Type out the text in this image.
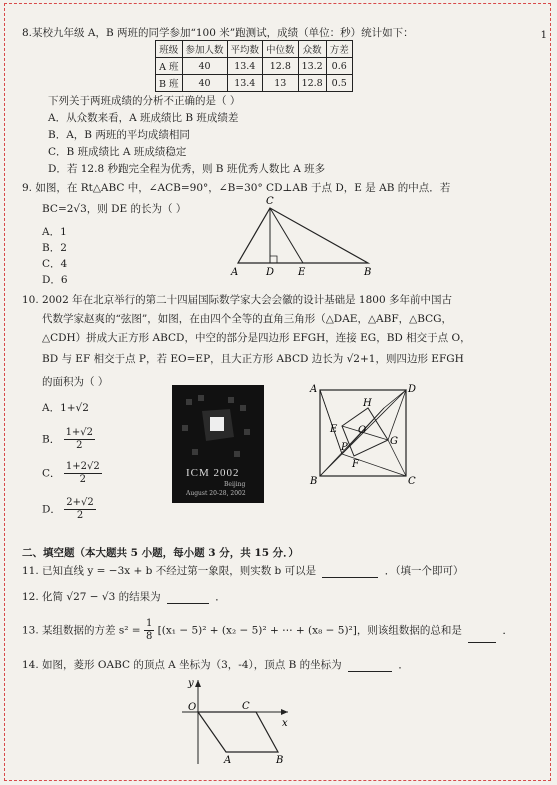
1
8.某校九年级 A，B 两班的同学参加“100 米”跑测试，成绩（单位：秒）统计如下：
班级	参加人数	平均数	中位数	众数	方差
A 班	40	13.4	12.8	13.2	0.6
B 班	40	13.4	13	12.8	0.5
下列关于两班成绩的分析不正确的是（ ）
A．从众数来看，A 班成绩比 B 班成绩差
B．A，B 两班的平均成绩相同
C．B 班成绩比 A 班成绩稳定
D．若 12.8 秒跑完全程为优秀，则 B 班优秀人数比 A 班多
9. 如图，在 Rt△ABC 中，∠ACB=90°，∠B=30° CD⊥AB 于点 D，E 是 AB 的中点．若
BC=2√3，则 DE 的长为（ ）
A．1
B．2
C．4
D．6
C
A	D E	B
10. 2002 年在北京举行的第二十四届国际数学家大会会徽的设计基础是 1800 多年前中国古
代数学家赵爽的“弦图”，如图，在由四个全等的直角三角形（△DAE，△ABF，△BCG，
△CDH）拼成大正方形 ABCD，中空的部分是四边形 EFGH，连接 EG，BD 相交于点 O，
BD 与 EF 相交于点 P，若 EO=EP，且大正方形 ABCD 边长为 √2+1，则四边形 EFGH
的面积为（ ）
A．1+√2
B． $\frac{1+√2}{2}$
C． $\frac{1+2√2}{2}$
D． $\frac{2+√2}{2}$
ICM 2002
Beijing
August 20-28, 2002
A	D
B	C
H
E O
G
P
F
二、填空题（本大题共 5 小题，每小题 3 分，共 15 分．）
11. 已知直线 y = −3x + b 不经过第一象限，则实数 b 可以是	．（填一个即可）
12. 化简 √27 − √3 的结果为	．
13. 某组数据的方差 $s^2 = \frac{1}{8} [(x_1 - 5)^2 + (x_2 - 5)^2$ + ⋯ + (x₈ − 5)²]，则该组数据的总和是	．
14. 如图，菱形 OABC 的顶点 A 坐标为（3，-4），顶点 B 的坐标为	．
y
x
O	C
A	B
